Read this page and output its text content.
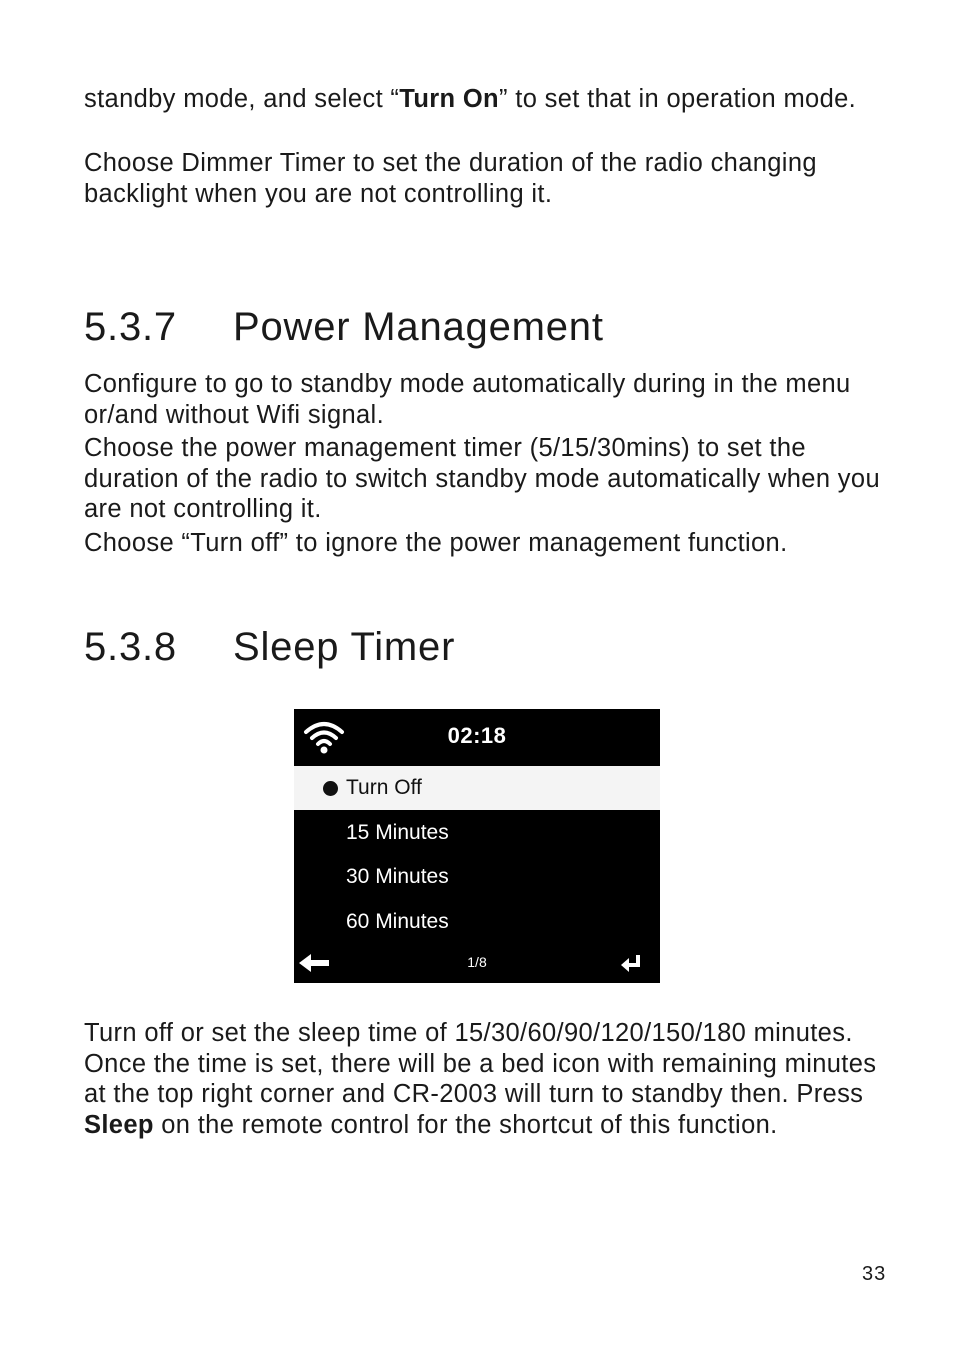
standby mode, and select “Turn On” to set that in operation mode.

Choose Dimmer Timer to set the duration of the radio changing backlight when you are not controlling it.

5.3.7 Power Management

Configure to go to standby mode automatically during in the menu or/and without Wifi signal.

Choose the power management timer (5/15/30mins) to set the duration of the radio to switch standby mode automatically when you are not controlling it.

Choose “Turn off” to ignore the power management function.

5.3.8 Sleep Timer
02:18
Turn Off
15 Minutes
30 Minutes
60 Minutes
1/8

Turn off or set the sleep time of 15/30/60/90/120/150/180 minutes. Once the time is set, there will be a bed icon with remaining minutes at the top right corner and CR-2003 will turn to standby then. Press Sleep on the remote control for the shortcut of this function.

33
